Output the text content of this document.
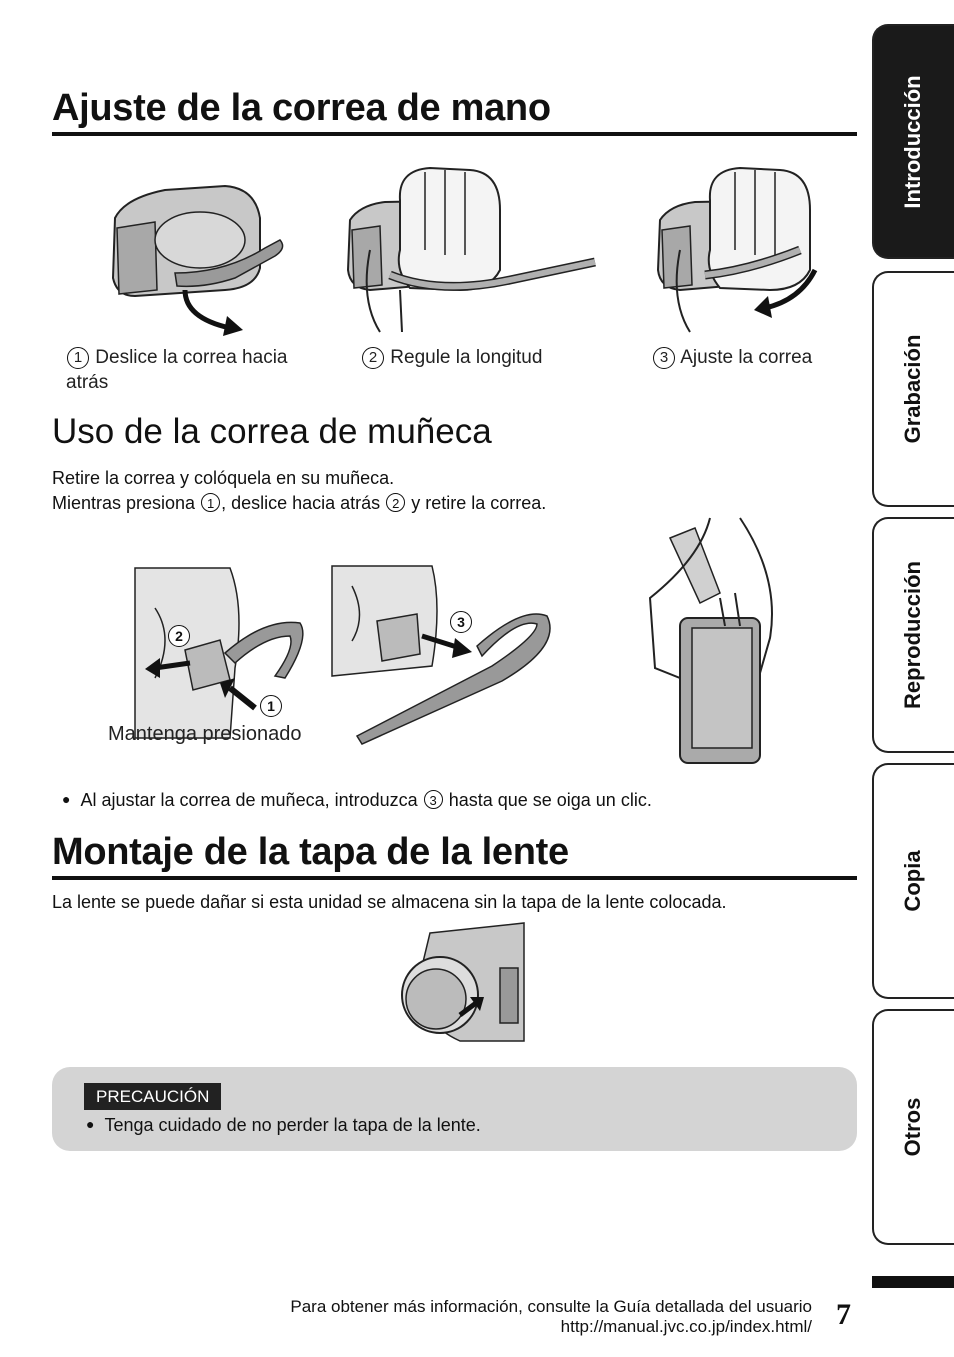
Ajuste de la correa de mano
1 Deslice la correa hacia atrás
2 Regule la longitud	3 Ajuste la correa
Uso de la correa de muñeca
Retire la correa y colóquela en su muñeca.
Mientras presiona 1 , deslice hacia atrás 2 y retire la correa.
2
1
Mantenga presionado
3
● Al ajustar la correa de muñeca, introduzca 3 hasta que se oiga un clic.
Montaje de la tapa de la lente
La lente se puede dañar si esta unidad se almacena sin la tapa de la lente colocada.
PRECAUCIÓN
● Tenga cuidado de no perder la tapa de la lente.
Introducción
Grabación
Reproducción
Copia
Otros
Para obtener más información, consulte la Guía detallada del usuario
http://manual.jvc.co.jp/index.html/ 7
